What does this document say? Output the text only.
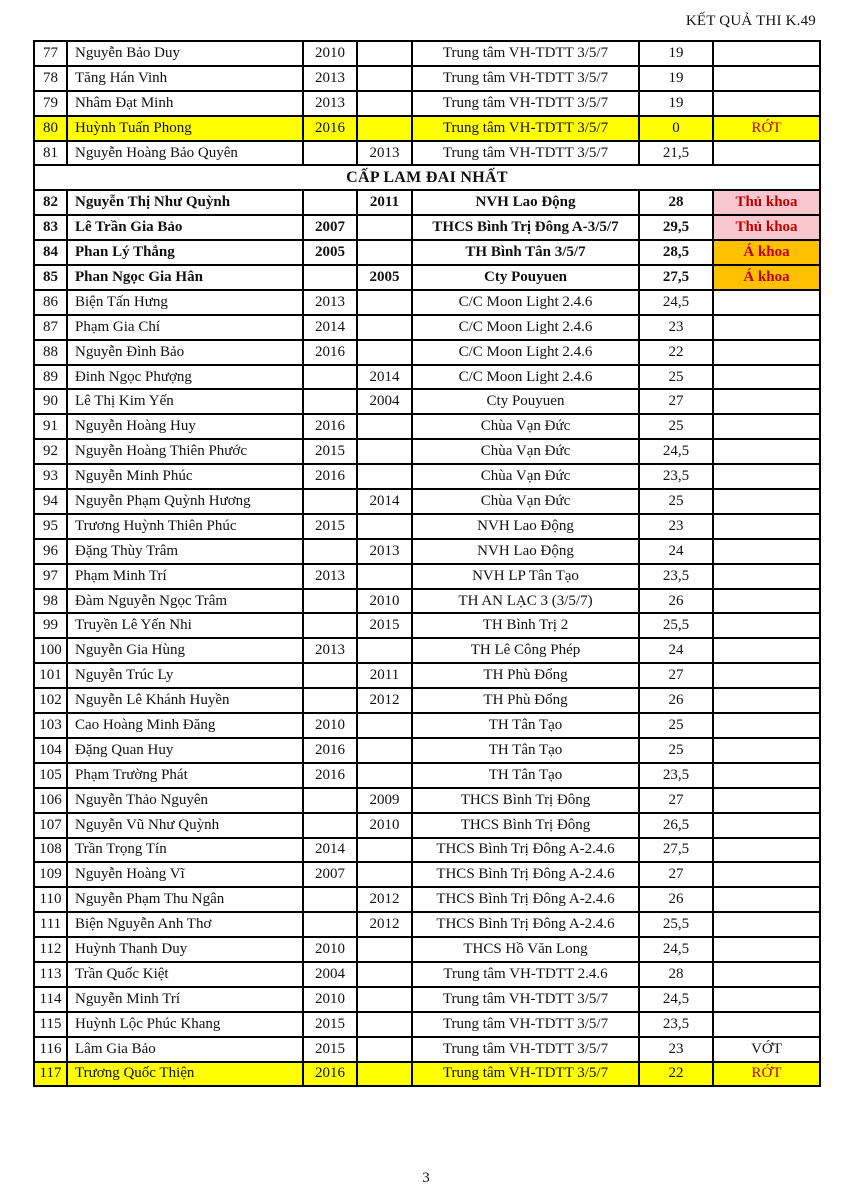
KẾT QUẢ THI K.49
77	Nguyễn Bảo Duy	2010		Trung tâm VH-TDTT 3/5/7	19	
78	Tăng Hán Vinh	2013		Trung tâm VH-TDTT 3/5/7	19	
79	Nhâm Đạt Minh	2013		Trung tâm VH-TDTT 3/5/7	19	
80	Huỳnh Tuấn Phong	2016		Trung tâm VH-TDTT 3/5/7	0	RỚT
81	Nguyễn Hoàng Bảo Quyên		2013	Trung tâm VH-TDTT 3/5/7	21,5	
CẤP LAM ĐAI NHẤT						
82	Nguyễn Thị Như Quỳnh		2011	NVH Lao Động	28	Thủ khoa
83	Lê Trần Gia Bảo	2007		THCS Bình Trị Đông A-3/5/7	29,5	Thủ khoa
84	Phan Lý Thắng	2005		TH Bình Tân 3/5/7	28,5	Á khoa
85	Phan Ngọc Gia Hân		2005	Cty Pouyuen	27,5	Á khoa
86	Biện Tấn Hưng	2013		C/C Moon Light 2.4.6	24,5	
87	Phạm Gia Chí	2014		C/C Moon Light 2.4.6	23	
88	Nguyễn Đình Bảo	2016		C/C Moon Light 2.4.6	22	
89	Đinh Ngọc Phượng		2014	C/C Moon Light 2.4.6	25	
90	Lê Thị Kim Yến		2004	Cty Pouyuen	27	
91	Nguyễn Hoàng Huy	2016		Chùa Vạn Đức	25	
92	Nguyễn Hoàng Thiên Phước	2015		Chùa Vạn Đức	24,5	
93	Nguyễn Minh Phúc	2016		Chùa Vạn Đức	23,5	
94	Nguyễn Phạm Quỳnh Hương		2014	Chùa Vạn Đức	25	
95	Trương Huỳnh Thiên Phúc	2015		NVH Lao Động	23	
96	Đặng Thùy Trâm		2013	NVH Lao Động	24	
97	Phạm Minh Trí	2013		NVH LP Tân Tạo	23,5	
98	Đàm Nguyễn Ngọc Trâm		2010	TH AN LẠC 3 (3/5/7)	26	
99	Truyền Lê Yến Nhi		2015	TH Bình Trị 2	25,5	
100	Nguyễn Gia Hùng	2013		TH Lê Công Phép	24	
101	Nguyễn Trúc Ly		2011	TH Phù Đổng	27	
102	Nguyễn Lê Khánh Huyền		2012	TH Phù Đổng	26	
103	Cao Hoàng Minh Đăng	2010		TH Tân Tạo	25	
104	Đặng Quan Huy	2016		TH Tân Tạo	25	
105	Phạm Trường Phát	2016		TH Tân Tạo	23,5	
106	Nguyễn Thảo Nguyên		2009	THCS Bình Trị Đông	27	
107	Nguyễn Vũ Như Quỳnh		2010	THCS Bình Trị Đông	26,5	
108	Trần Trọng Tín	2014		THCS Bình Trị Đông A-2.4.6	27,5	
109	Nguyễn Hoàng Vĩ	2007		THCS Bình Trị Đông A-2.4.6	27	
110	Nguyễn Phạm Thu Ngân		2012	THCS Bình Trị Đông A-2.4.6	26	
111	Biện Nguyễn Anh Thơ		2012	THCS Bình Trị Đông A-2.4.6	25,5	
112	Huỳnh Thanh Duy	2010		THCS Hồ Văn Long	24,5	
113	Trần Quốc Kiệt	2004		Trung tâm VH-TDTT 2.4.6	28	
114	Nguyễn Minh Trí	2010		Trung tâm VH-TDTT 3/5/7	24,5	
115	Huỳnh Lộc Phúc Khang	2015		Trung tâm VH-TDTT 3/5/7	23,5	
116	Lâm Gia Bảo	2015		Trung tâm VH-TDTT 3/5/7	23	VỚT
117	Trương Quốc Thiện	2016		Trung tâm VH-TDTT 3/5/7	22	RỚT
3
